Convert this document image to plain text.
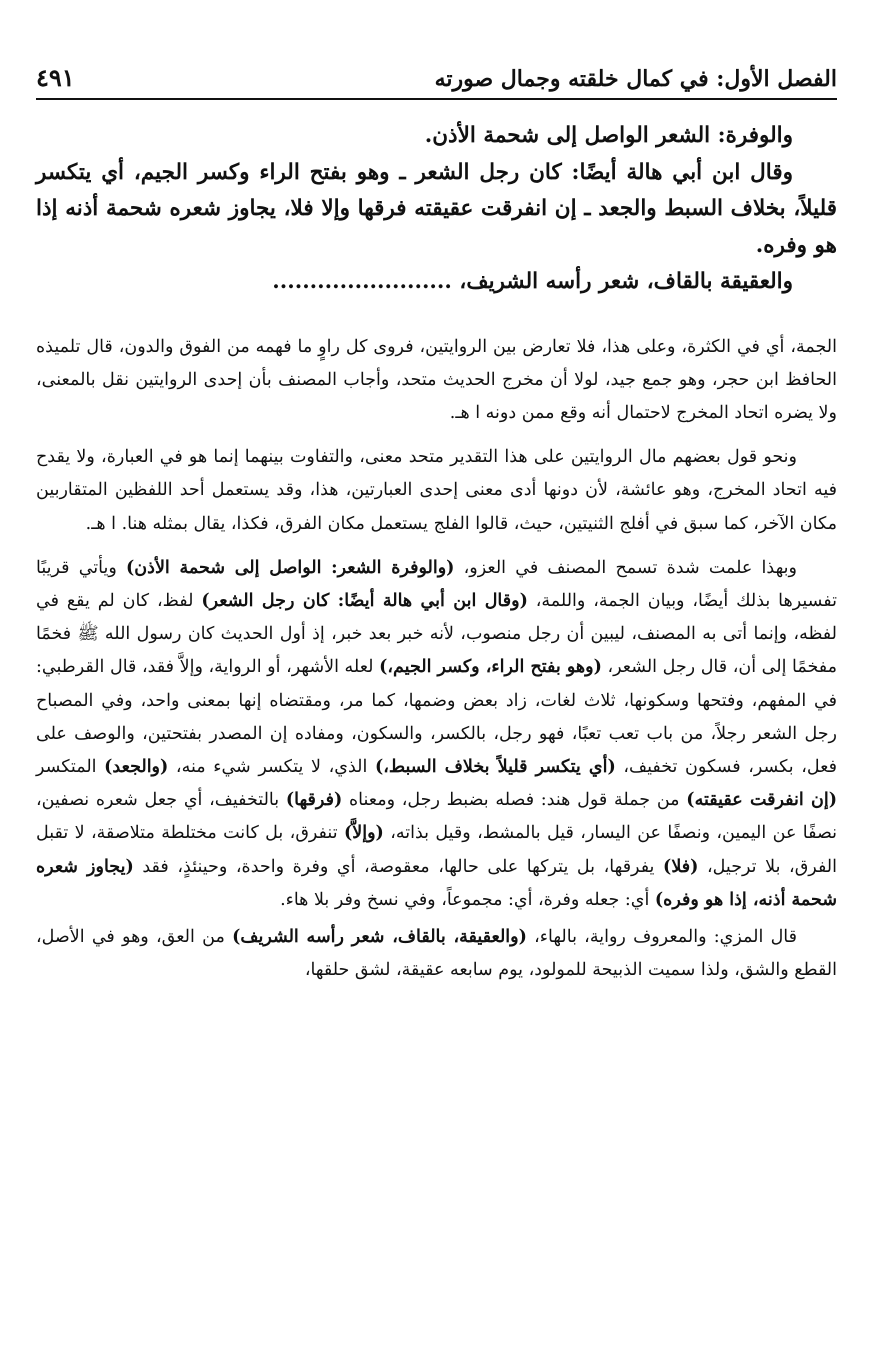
الفصل الأول: في كمال خلقته وجمال صورته
٤٩١

والوفرة: الشعر الواصل إلى شحمة الأذن.

وقال ابن أبي هالة أيضًا: كان رجل الشعر ـ وهو بفتح الراء وكسر الجيم، أي يتكسر قليلاً، بخلاف السبط والجعد ـ إن انفرقت عقيقته فرقها وإلا فلا، يجاوز شعره شحمة أذنه إذا هو وفره.

والعقيقة بالقاف، شعر رأسه الشريف، ........................

الجمة، أي في الكثرة، وعلى هذا، فلا تعارض بين الروايتين، فروى كل راوٍ ما فهمه من الفوق والدون، قال تلميذه الحافظ ابن حجر، وهو جمع جيد، لولا أن مخرج الحديث متحد، وأجاب المصنف بأن إحدى الروايتين نقل بالمعنى، ولا يضره اتحاد المخرج لاحتمال أنه وقع ممن دونه ا هـ.

ونحو قول بعضهم مال الروايتين على هذا التقدير متحد معنى، والتفاوت بينهما إنما هو في العبارة، ولا يقدح فيه اتحاد المخرج، وهو عائشة، لأن دونها أدى معنى إحدى العبارتين، هذا، وقد يستعمل أحد اللفظين المتقاربين مكان الآخر، كما سبق في أفلج الثنيتين، حيث، قالوا الفلج يستعمل مكان الفرق، فكذا، يقال بمثله هنا. ا هـ.

وبهذا علمت شدة تسمح المصنف في العزو، (والوفرة الشعر: الواصل إلى شحمة الأذن) ويأتي قريبًا تفسيرها بذلك أيضًا، وبيان الجمة، واللمة، (وقال ابن أبي هالة أيضًا: كان رجل الشعر) لفظ، كان لم يقع في لفظه، وإنما أتى به المصنف، ليبين أن رجل منصوب، لأنه خبر بعد خبر، إذ أول الحديث كان رسول الله ﷺ فخمًا مفخمًا إلى أن، قال رجل الشعر، (وهو بفتح الراء، وكسر الجيم،) لعله الأشهر، أو الرواية، وإلاَّ فقد، قال القرطبي: في المفهم، وفتحها وسكونها، ثلاث لغات، زاد بعض وضمها، كما مر، ومقتضاه إنها بمعنى واحد، وفي المصباح رجل الشعر رجلاً، من باب تعب تعبًا، فهو رجل، بالكسر، والسكون، ومفاده إن المصدر بفتحتين، والوصف على فعل، بكسر، فسكون تخفيف، (أي يتكسر قليلاً بخلاف السبط،) الذي، لا يتكسر شيء منه، (والجعد) المتكسر (إن انفرقت عقيقته) من جملة قول هند: فصله بضبط رجل، ومعناه (فرقها) بالتخفيف، أي جعل شعره نصفين، نصفًا عن اليمين، ونصفًا عن اليسار، قيل بالمشط، وقيل بذاته، (وإلاَّ) تنفرق، بل كانت مختلطة متلاصقة، لا تقبل الفرق، بلا ترجيل، (فلا) يفرقها، بل يتركها على حالها، معقوصة، أي وفرة واحدة، وحينئذٍ، فقد (يجاوز شعره شحمة أذنه، إذا هو وفره) أي: جعله وفرة، أي: مجموعاً، وفي نسخ وفر بلا هاء.

قال المزي: والمعروف رواية، بالهاء، (والعقيقة، بالقاف، شعر رأسه الشريف) من العق، وهو في الأصل، القطع والشق، ولذا سميت الذبيحة للمولود، يوم سابعه عقيقة، لشق حلقها،
